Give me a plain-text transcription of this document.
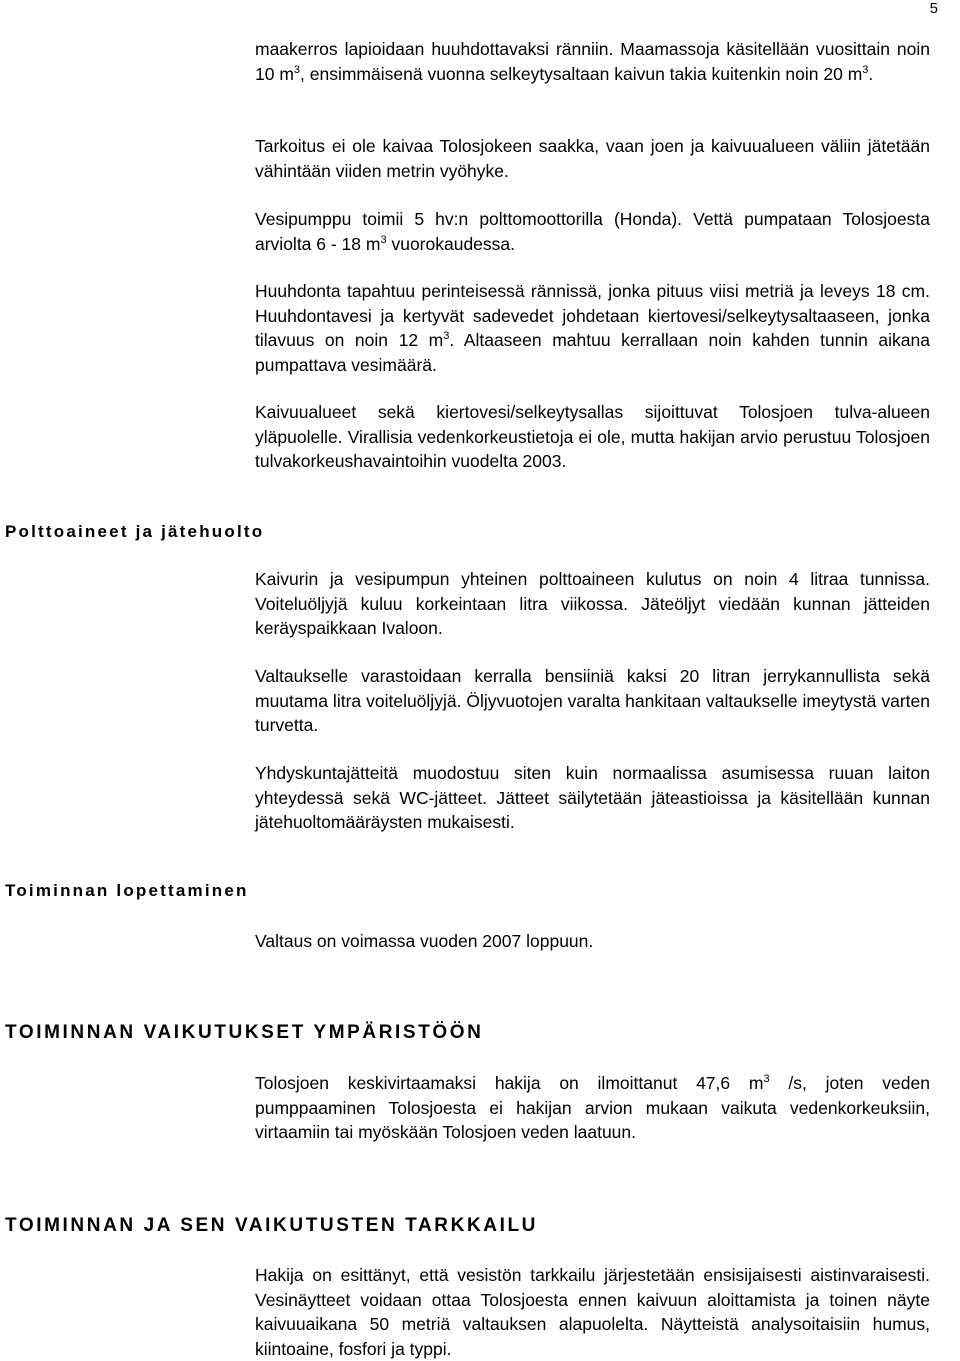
5

maakerros lapioidaan huuhdottavaksi ränniin. Maamassoja käsitellään vuosittain noin 10 $m^3$, ensimmäisenä vuonna selkeytysaltaan kaivun takia kuitenkin noin 20 $m^3$.

Tarkoitus ei ole kaivaa Tolosjokeen saakka, vaan joen ja kaivuualueen väliin jätetään vähintään viiden metrin vyöhyke.

Vesipumppu toimii 5 hv:n polttomoottorilla (Honda). Vettä pumpataan Tolosjoesta arviolta 6 - 18 $m^3$ vuorokaudessa.

Huuhdonta tapahtuu perinteisessä rännissä, jonka pituus viisi metriä ja leveys 18 cm. Huuhdontavesi ja kertyvät sadevedet johdetaan kiertovesi/selkeytysaltaaseen, jonka tilavuus on noin 12 $m^3$. Altaaseen mahtuu kerrallaan noin kahden tunnin aikana pumpattava vesimäärä.

Kaivuualueet sekä kiertovesi/selkeytysallas sijoittuvat Tolosjoen tulva-alueen yläpuolelle. Virallisia vedenkorkeustietoja ei ole, mutta hakijan arvio perustuu Tolosjoen tulvakorkeushavaintoihin vuodelta 2003.

Polttoaineet ja jätehuolto

Kaivurin ja vesipumpun yhteinen polttoaineen kulutus on noin 4 litraa tunnissa. Voiteluöljyjä kuluu korkeintaan litra viikossa. Jäteöljyt viedään kunnan jätteiden keräyspaikkaan Ivaloon.

Valtaukselle varastoidaan kerralla bensiiniä kaksi 20 litran jerrykannullista sekä muutama litra voiteluöljyjä. Öljyvuotojen varalta hankitaan valtaukselle imeytystä varten turvetta.

Yhdyskuntajätteitä muodostuu siten kuin normaalissa asumisessa ruuan laiton yhteydessä sekä WC-jätteet. Jätteet säilytetään jäteastioissa ja käsitellään kunnan jätehuoltomääräysten mukaisesti.

Toiminnan lopettaminen

Valtaus on voimassa vuoden 2007 loppuun.

TOIMINNAN VAIKUTUKSET YMPÄRISTÖÖN

Tolosjoen keskivirtaamaksi hakija on ilmoittanut 47,6 $m^3$ /s, joten veden pumppaaminen Tolosjoesta ei hakijan arvion mukaan vaikuta vedenkorkeuksiin, virtaamiin tai myöskään Tolosjoen veden laatuun.

TOIMINNAN JA SEN VAIKUTUSTEN TARKKAILU

Hakija on esittänyt, että vesistön tarkkailu järjestetään ensisijaisesti aistinvaraisesti. Vesinäytteet voidaan ottaa Tolosjoesta ennen kaivuun aloittamista ja toinen näyte kaivuuaikana 50 metriä valtauksen alapuolelta. Näytteistä analysoitaisiin humus, kiintoaine, fosfori ja typpi.
